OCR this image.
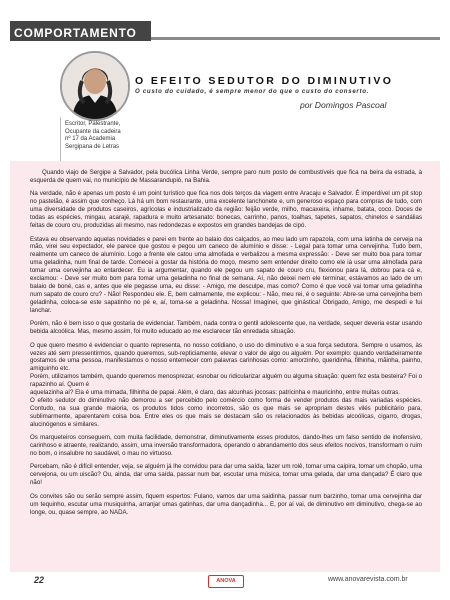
COMPORTAMENTO
O EFEITO SEDUTOR DO DIMINUTIVO
O custo do cuidado, é sempre menor do que o custo do conserto.
por Domingos Pascoal
Escritor, Palestrante,
Ocupante da cadeira
nº 17 da Academia
Sergipana de Letras

Quando viajo de Sergipe a Salvador, pela bucólica Linha Verde, sempre paro num posto de combustíveis que fica na beira da estrada, à esquerda de quem vai, no município de Massarandupió, na Bahia.

Na verdade, não é apenas um posto é um point turístico que fica nos dois terços da viagem entre Aracaju e Salvador. É imperdível um pit stop no pastelão, é assim que conheço. Lá há um bom restaurante, uma excelente lanchonete e, um generoso espaço para compras de tudo, com uma diversidade de produtos caseiros, agrícolas e industrializado da região: feijão verde, milho, macaxeira, inhame, batata, coco. Doces de todas as espécies, mingau, acarajé, rapadura e muito artesanato: bonecas, carrinho, panos, toalhas, tapetes, sapatos, chinelos e sandálias feitas de couro cru, produzidas ali mesmo, nas redondezas e expostos em grandes bandejas de cipó.

Estava eu observando aquelas novidades e parei em frente ao balaio dos calçados, ao meu lado um rapazola, com uma latinha de cerveja na mão, virei seu expectador, ele parece que gostou e pegou um caneco de alumínio e disse: - Legal para tomar uma cervejinha. Tudo bem, realmente um caneco de alumínio. Logo a frente ele catou uma almofada e verbalizou a mesma expressão: - Deve ser muito boa para tomar uma geladinha, num final de tarde. Comecei a gostar da história do moço, mesmo sem entender direito como ele iá usar uma almofada para tomar uma cervejinha ao entardecer. Eu ia argumentar, quando ele pegou um sapato de couro cru, flexionou para lá, dobrou para cá e, exclamou: - Deve ser muito bom para tomar uma geladinha no final de semana. Aí, não deixei nem ele terminar, estávamos ao lado de um balaio de boné, cas e, antes que ele pegasse uma, eu disse: - Amigo, me desculpe, mas como? Como é que você vai tomar uma geladinha num sapato de couro cru? - Não! Respondeu ele. E, bem calmamente, me explicou: - Não, meu rei, é o seguinte: Abre-se uma cervejinha bem geladinha, coloca-se este sapatinho no pé e, aí, toma-se a geladinha. Nossa! Imaginei, que ginástica! Obrigado, Amigo, me despedi e fui lanchar.

Porém, não é bem isso o que gostaria de evidenciar. Também, nada contra o gentil adolescente que, na verdade, sequer deveria estar usando bebida alcoólica. Mas, mesmo assim, foi muito educado ao me esclarecer tão enredada situação.

O que quero mesmo é evidenciar o quanto representa, no nosso cotidiano, o uso do diminutivo e a sua força sedutora. Sempre o usamos, às vezes até sem pressentirmos, quando queremos, sub-repticiamente, elevar o valor de algo ou alguém. Por exemplo: quando verdadeiramente gostamos de uma pessoa, manifestamos o nosso enternecer com palavras carinhosas como: amorzinho, queridinha, filhinha, mãinha, painho, amiguinho etc.

Porém, utilizamos também, quando queremos menosprezar, esnobar ou ridicularizar alguém ou alguma situação: quem fez esta besteira? Foi o rapazinho aí. Quem é

aquelazinha aí? Ela é uma mimada, filhinha de papai. Além, é claro, das alcunhas jocosas: patricinha e mauricinho, entre muitas outras.

O efeito sedutor do diminutivo não demorou a ser percebido pelo comércio como forma de vender produtos das mais variadas espécies. Contudo, na sua grande maioria, os produtos tidos como incorretos, são os que mais se apropriam destes vilés publicitário para, sublimarmente, aparentarem coisa boa. Entre eles os que mais se destacam são os relacionados às bebidas alcoólicas, cigarro, drogas, alucinógenos e similares.

Os marqueteiros conseguem, com muita facilidade, demonstrar, diminutivamente esses produtos, dando-lhes um falso sentido de inofensivo, carinhoso e atraente, realizando, assim, uma inversão transformadora, operando o abrandamento dos seus efeitos nocivos, transformam o ruim no bom, o insalubre no saudável, o mau no virtuoso.

Percebam, não é difícil entender, veja, se alguém já lhe convidou para dar uma saída, fazer um rolê, tomar uma caipira, tomar um chopão, uma cervejona, ou um uiscão? Ou, ainda, dar uma saída, passar num bar, escutar uma música, tomar uma gelada, dar uma dançada? É claro que não!

Os convites são ou serão sempre assim, fiquem espertos: Fulano, vamos dar uma saidinha, passar num barzinho, tomar uma cervejinha dar um tequinho, escutar uma musiquinha, arranjar umas gatinhas, dar uma dançadinha... E, por aí vai, de diminutivo em diminutivo, chega-se ao longe, ou, quase sempre, ao NADA.

22	ANOVA	www.anovarevista.com.br
